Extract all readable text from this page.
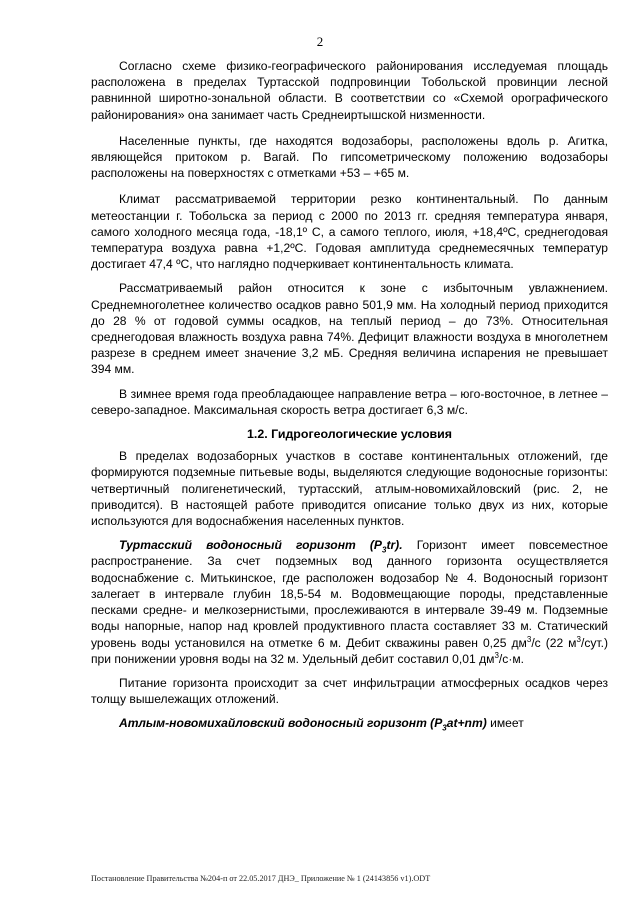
2

Согласно схеме физико-географического районирования исследуемая площадь расположена в пределах Туртасской подпровинции Тобольской провинции лесной равнинной широтно-зональной области. В соответствии со «Схемой орографического районирования» она занимает часть Среднеиртышской низменности.

Населенные пункты, где находятся водозаборы, расположены вдоль р. Агитка, являющейся притоком р. Вагай. По гипсометрическому положению водозаборы расположены на поверхностях с отметками +53 – +65 м.

Климат рассматриваемой территории резко континентальный. По данным метеостанции г. Тобольска за период с 2000 по 2013 гг. средняя температура января, самого холодного месяца года, -18,1º С, а самого теплого, июля, +18,4ºС, среднегодовая температура воздуха равна +1,2ºС. Годовая амплитуда среднемесячных температур достигает 47,4 ºС, что наглядно подчеркивает континентальность климата.

Рассматриваемый район относится к зоне с избыточным увлажнением. Среднемноголетнее количество осадков равно 501,9 мм. На холодный период приходится до 28 % от годовой суммы осадков, на теплый период – до 73%. Относительная среднегодовая влажность воздуха равна 74%. Дефицит влажности воздуха в многолетнем разрезе в среднем имеет значение 3,2 мБ. Средняя величина испарения не превышает 394 мм.

В зимнее время года преобладающее направление ветра – юго-восточное, в летнее – северо-западное. Максимальная скорость ветра достигает 6,3 м/с.

1.2. Гидрогеологические условия

В пределах водозаборных участков в составе континентальных отложений, где формируются подземные питьевые воды, выделяются следующие водоносные горизонты: четвертичный полигенетический, туртасский, атлым-новомихайловский (рис. 2, не приводится). В настоящей работе приводится описание только двух из них, которые используются для водоснабжения населенных пунктов.

Туртасский водоносный горизонт $(P_3tr)$. Горизонт имеет повсеместное распространение. За счет подземных вод данного горизонта осуществляется водоснабжение с. Митькинское, где расположен водозабор № 4. Водоносный горизонт залегает в интервале глубин 18,5-54 м. Водовмещающие породы, представленные песками средне- и мелкозернистыми, прослеживаются в интервале 39-49 м. Подземные воды напорные, напор над кровлей продуктивного пласта составляет 33 м. Статический уровень воды установился на отметке 6 м. Дебит скважины равен 0,25 $дм^3/с$ (22 $м^3/сут$.) при понижении уровня воды на 32 м. Удельный дебит составил 0,01 $дм^3/с\cdot м$.

Питание горизонта происходит за счет инфильтрации атмосферных осадков через толщу вышележащих отложений.

Атлым-новомихайловский водоносный горизонт $(P_3at+nm)$ имеет

Постановление Правительства №204-п от 22.05.2017 ДНЭ_ Приложение № 1 (24143856 v1).ODT
